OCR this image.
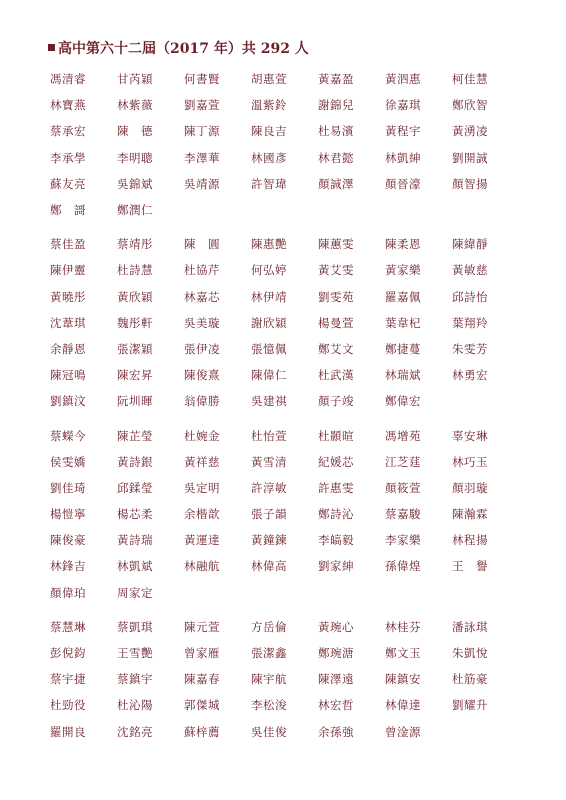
高中第六十二屆（2017 年）共 292 人
馮清睿	甘芮穎	何書賢	胡惠萱	黃嘉盈	黃泗惠	柯佳慧
林寶燕	林紫薇	劉嘉萱	溫紫鈴	謝錦兒	徐嘉琪	鄭欣智
蔡承宏	陳　德	陳丁源	陳良吉	杜易濱	黃程宇	黃湧凌
李承學	李明聰	李澤華	林國彥	林君懿	林凱紳	劉開誠
蘇友亮	吳錦斌	吳靖源	許智瑋	顏誠澤	顏晉濠	顏智揚
鄭　謌	鄭潤仁
蔡佳盈	蔡靖彤	陳　圓	陳惠艷	陳蕙雯	陳柔恩	陳緯靜
陳伊靈	杜詩慧	杜協芹	何弘婷	黃艾雯	黃家樂	黃敏慈
黃曉彤	黃欣穎	林嘉芯	林伊靖	劉雯苑	羅嘉佩	邱詩怡
沈葦琪	魏彤軒	吳美璇	謝欣穎	楊曼萱	葉韋杞	葉翔羚
余靜恩	張潔穎	張伊凌	張憶佩	鄭艾文	鄭捷蔓	朱雯芳
陳冠鳴	陳宏昇	陳俊熹	陳偉仁	杜武漢	林瑞斌	林勇宏
劉鎮汶	阮圳暉	翁偉勝	吳建祺	顏子竣	鄭偉宏
蔡蠑今	陳芷瑩	杜婉金	杜怡萱	杜顥暄	馮增苑	辜安琳
侯雯嬌	黃詩銀	黃祥慈	黃雪清	紀媛芯	江芝莛	林巧玉
劉佳琦	邱鍒瑩	吳定明	許淳敏	許惠雯	顏筱萱	顏羽璇
楊愷寧	楊芯柔	余楷歆	張子韻	鄭詩沁	蔡嘉駿	陳瀚霖
陳俊豪	黃詩瑞	黃運達	黃鐘鍊	李皜毅	李家樂	林程揚
林鋒吉	林凱斌	林融航	林偉高	劉家紳	孫偉煌	王　譽
顏偉珀	周家定
蔡慧琳	蔡凱琪	陳元萱	方岳倫	黃琬心	林桂芬	潘詠琪
彭倪鈞	王雪艷	曾家雁	張潔鑫	鄭琬溏	鄭文玉	朱凱悅
蔡宇捷	蔡鎮宇	陳嘉春	陳宇航	陳澤遠	陳鎮安	杜筋豪
杜勁役	杜沁陽	郭傑城	李松浚	林宏哲	林偉達	劉耀升
羅開良	沈銘亮	蘇梓薦	吳佳俊	余孫強	曾淦源
